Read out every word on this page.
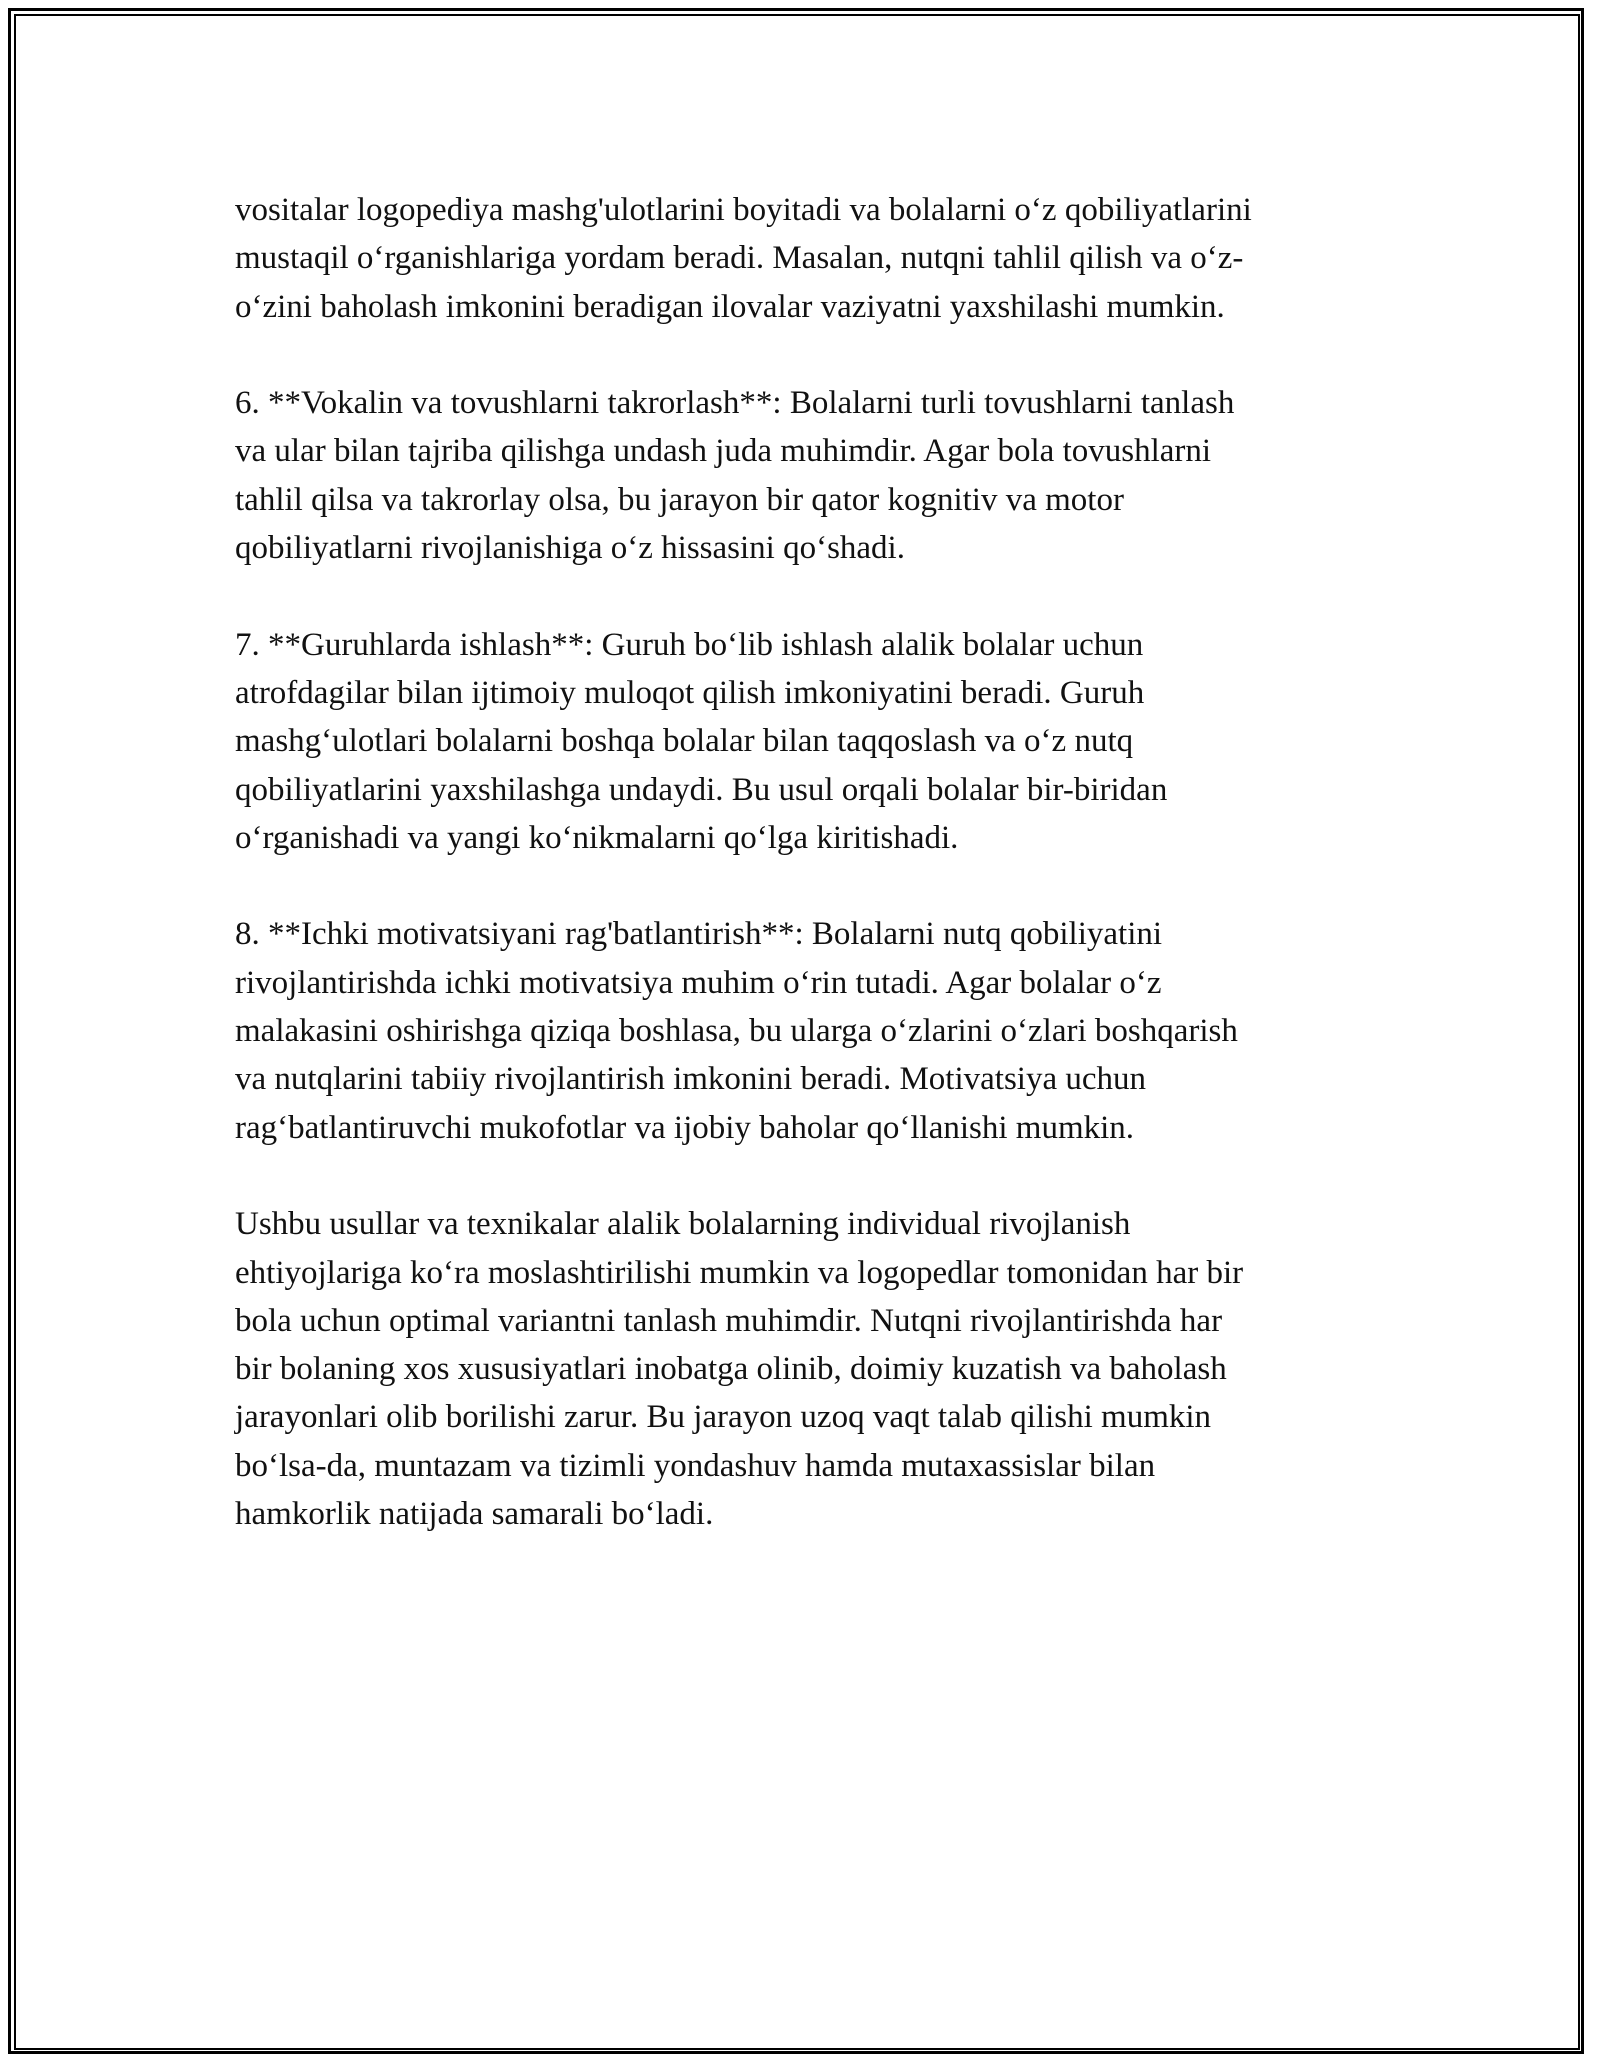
vositalar logopediya mashg'ulotlarini boyitadi va bolalarni o‘z qobiliyatlarini
mustaqil o‘rganishlariga yordam beradi. Masalan, nutqni tahlil qilish va o‘z-
o‘zini baholash imkonini beradigan ilovalar vaziyatni yaxshilashi mumkin.

6. **Vokalin va tovushlarni takrorlash**: Bolalarni turli tovushlarni tanlash
va ular bilan tajriba qilishga undash juda muhimdir. Agar bola tovushlarni
tahlil qilsa va takrorlay olsa, bu jarayon bir qator kognitiv va motor
qobiliyatlarni rivojlanishiga o‘z hissasini qo‘shadi.

7. **Guruhlarda ishlash**: Guruh bo‘lib ishlash alalik bolalar uchun
atrofdagilar bilan ijtimoiy muloqot qilish imkoniyatini beradi. Guruh
mashg‘ulotlari bolalarni boshqa bolalar bilan taqqoslash va o‘z nutq
qobiliyatlarini yaxshilashga undaydi. Bu usul orqali bolalar bir-biridan
o‘rganishadi va yangi ko‘nikmalarni qo‘lga kiritishadi.

8. **Ichki motivatsiyani rag'batlantirish**: Bolalarni nutq qobiliyatini
rivojlantirishda ichki motivatsiya muhim o‘rin tutadi. Agar bolalar o‘z
malakasini oshirishga qiziqa boshlasa, bu ularga o‘zlarini o‘zlari boshqarish
va nutqlarini tabiiy rivojlantirish imkonini beradi. Motivatsiya uchun
rag‘batlantiruvchi mukofotlar va ijobiy baholar qo‘llanishi mumkin.

Ushbu usullar va texnikalar alalik bolalarning individual rivojlanish
ehtiyojlariga ko‘ra moslashtirilishi mumkin va logopedlar tomonidan har bir
bola uchun optimal variantni tanlash muhimdir. Nutqni rivojlantirishda har
bir bolaning xos xususiyatlari inobatga olinib, doimiy kuzatish va baholash
jarayonlari olib borilishi zarur. Bu jarayon uzoq vaqt talab qilishi mumkin
bo‘lsa-da, muntazam va tizimli yondashuv hamda mutaxassislar bilan
hamkorlik natijada samarali bo‘ladi.
